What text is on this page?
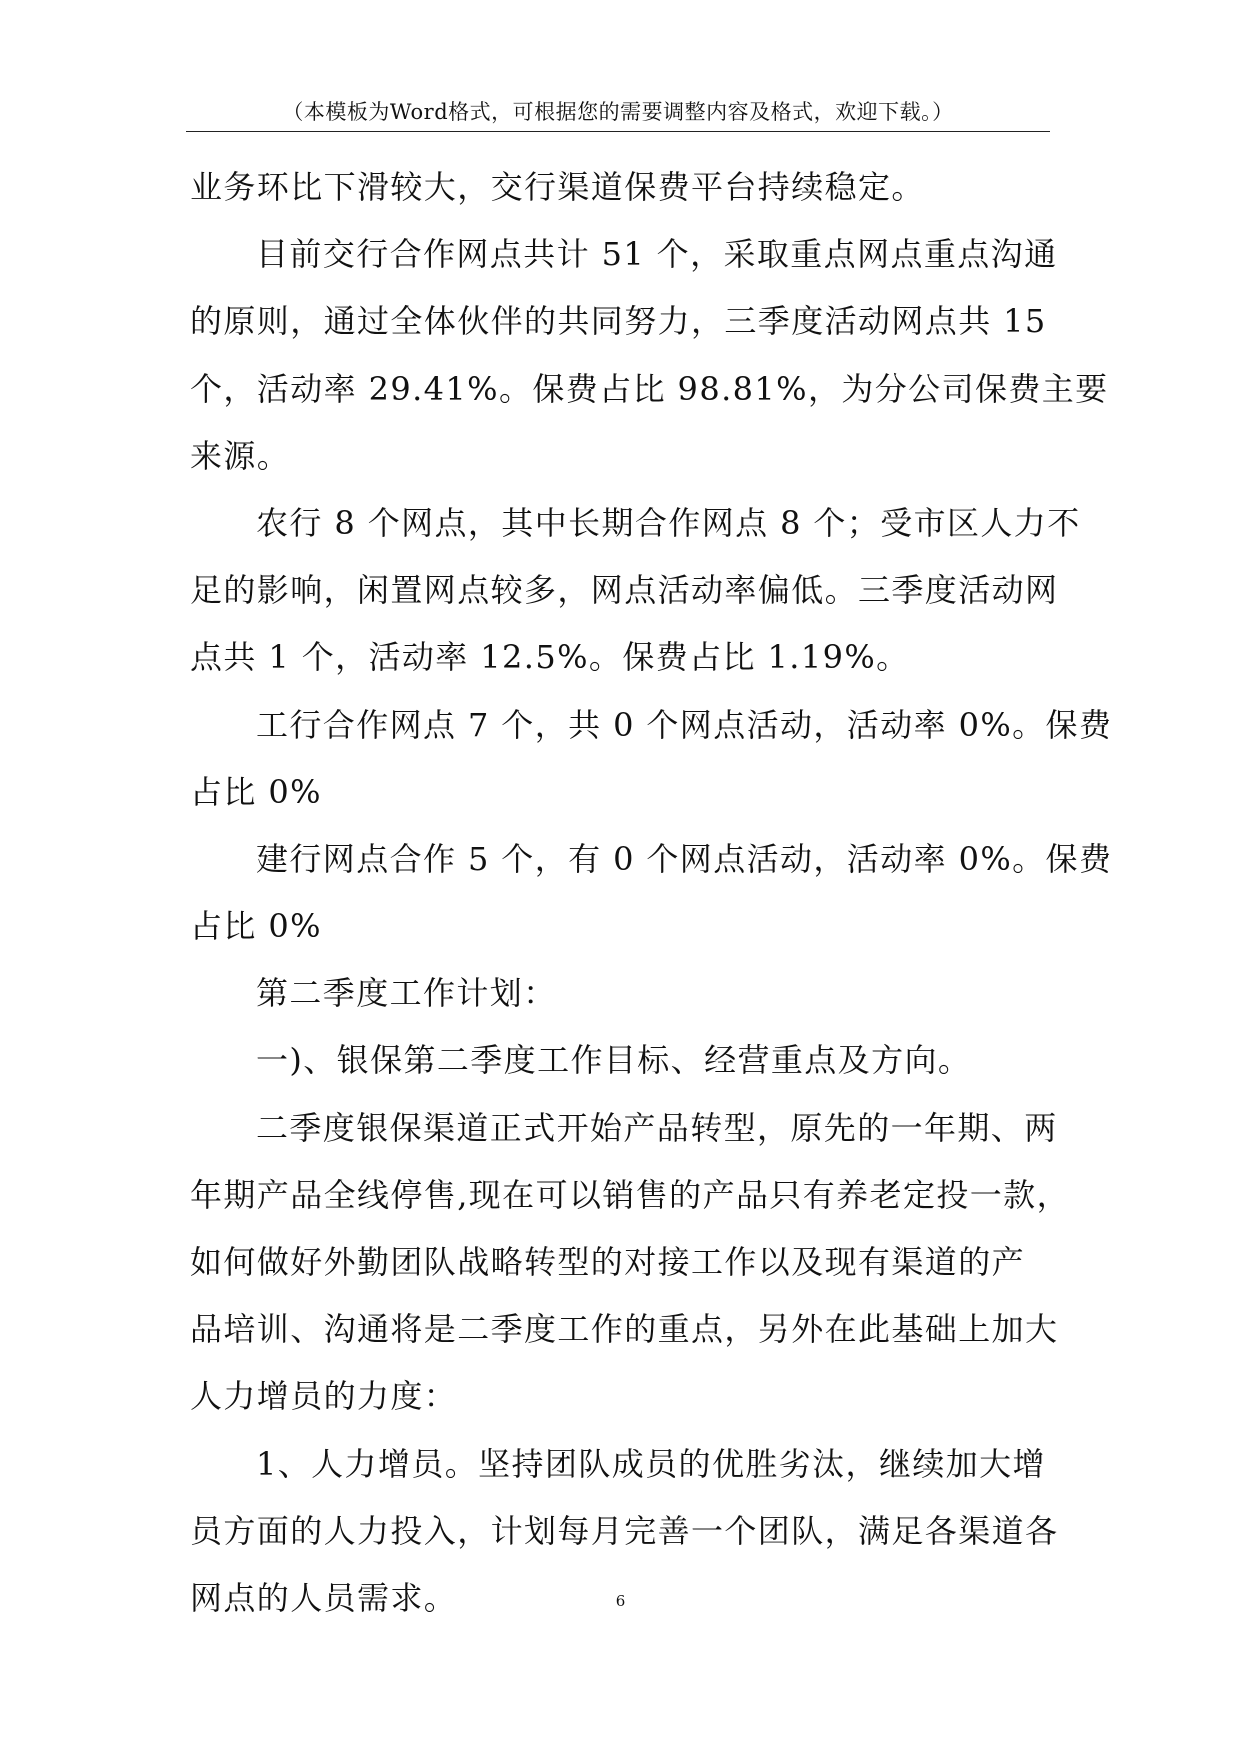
（本模板为Word格式，可根据您的需要调整内容及格式，欢迎下载。）
业务环比下滑较大，交行渠道保费平台持续稳定。
目前交行合作网点共计 51 个，采取重点网点重点沟通
的原则，通过全体伙伴的共同努力，三季度活动网点共 15
个，活动率 29.41%。保费占比 98.81%，为分公司保费主要
来源。
农行 8 个网点，其中长期合作网点 8 个；受市区人力不
足的影响，闲置网点较多，网点活动率偏低。三季度活动网
点共 1 个，活动率 12.5%。保费占比 1.19%。
工行合作网点 7 个，共 0 个网点活动，活动率 0%。保费
占比 0%
建行网点合作 5 个，有 0 个网点活动，活动率 0%。保费
占比 0%
第二季度工作计划：
一)、银保第二季度工作目标、经营重点及方向。
二季度银保渠道正式开始产品转型，原先的一年期、两
年期产品全线停售,现在可以销售的产品只有养老定投一款，
如何做好外勤团队战略转型的对接工作以及现有渠道的产
品培训、沟通将是二季度工作的重点，另外在此基础上加大
人力增员的力度：
1、人力增员。坚持团队成员的优胜劣汰，继续加大增
员方面的人力投入，计划每月完善一个团队，满足各渠道各
网点的人员需求。	6
